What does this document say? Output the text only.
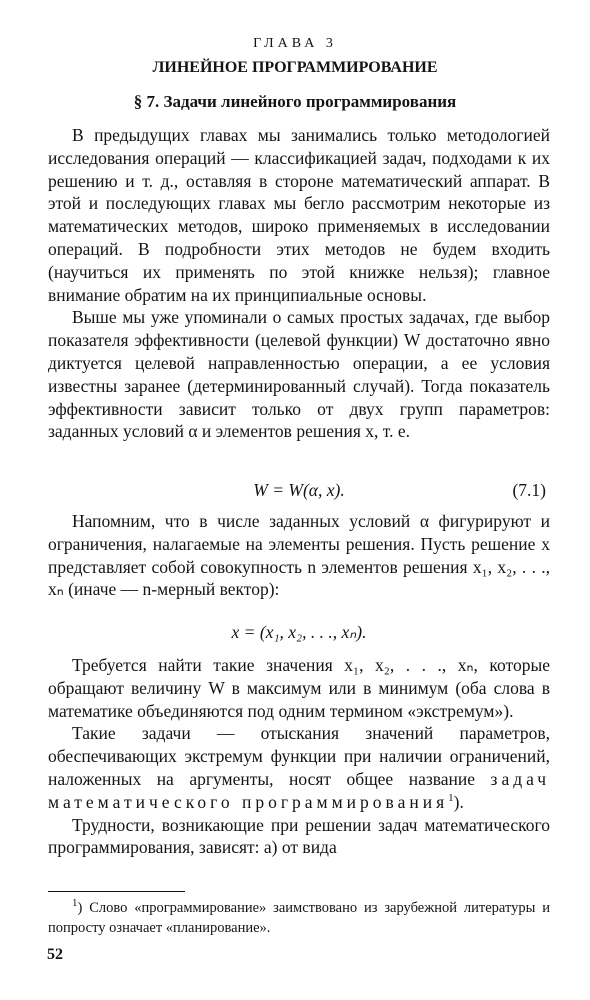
ГЛАВА 3
ЛИНЕЙНОЕ ПРОГРАММИРОВАНИЕ
§ 7. Задачи линейного программирования

В предыдущих главах мы занимались только методологией исследования операций — классификацией задач, подходами к их решению и т. д., оставляя в стороне математический аппарат. В этой и последующих главах мы бегло рассмотрим некоторые из математических методов, широко применяемых в исследовании операций. В подробности этих методов не будем входить (научиться их применять по этой книжке нельзя); главное внимание обратим на их принципиальные основы.

Выше мы уже упоминали о самых простых задачах, где выбор показателя эффективности (целевой функции) W достаточно явно диктуется целевой направленностью операции, а ее условия известны заранее (детерминированный случай). Тогда показатель эффективности зависит только от двух групп параметров: заданных условий α и элементов решения x, т. е.

W = W(α, x).	(7.1)

Напомним, что в числе заданных условий α фигурируют и ограничения, налагаемые на элементы решения. Пусть решение x представляет собой совокупность n элементов решения x₁, x₂, . . ., xₙ (иначе — n-мерный вектор):

x = (x₁, x₂, . . ., xₙ).

Требуется найти такие значения x₁, x₂, . . ., xₙ, которые обращают величину W в максимум или в минимум (оба слова в математике объединяются под одним термином «экстремум»).

Такие задачи — отыскания значений параметров, обеспечивающих экстремум функции при наличии ограничений, наложенных на аргументы, носят общее название задач математического программирования$^1$).

Трудности, возникающие при решении задач математического программирования, зависят: а) от вида

$^1$) Слово «программирование» заимствовано из зарубежной литературы и попросту означает «планирование».
52
